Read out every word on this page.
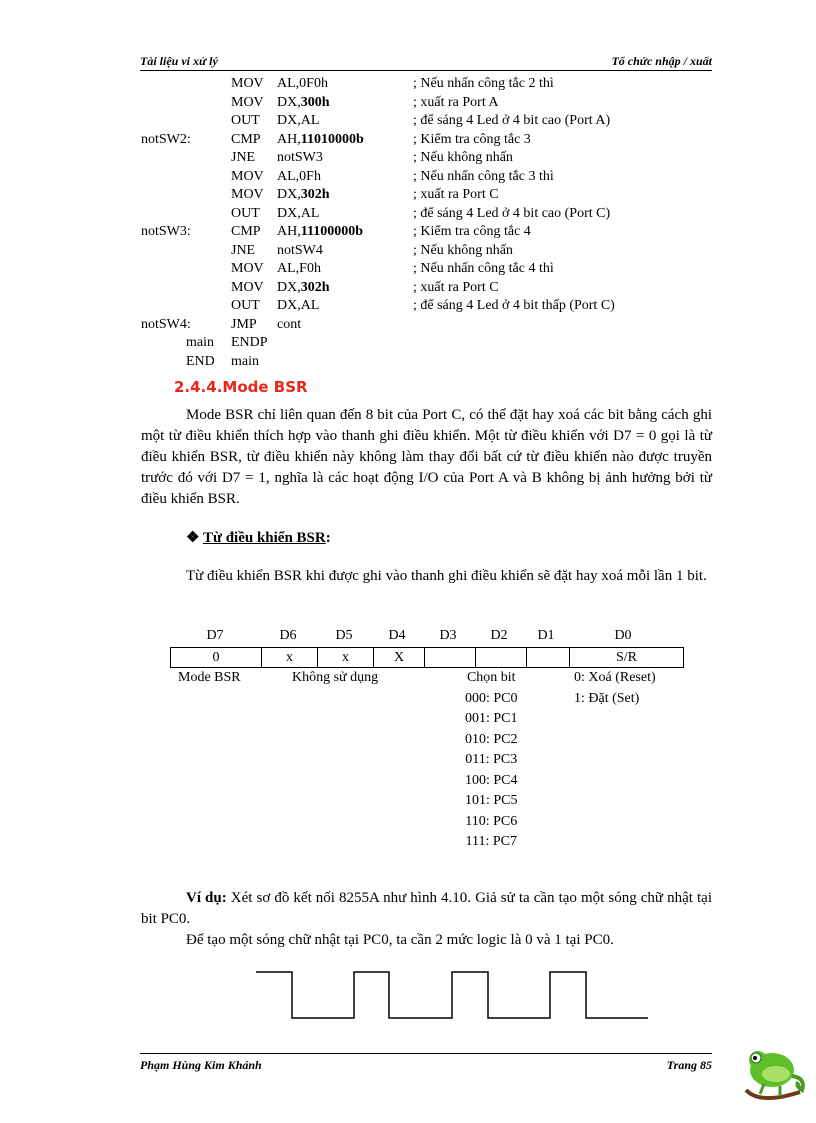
Tài liệu vi xử lý	Tổ chức nhập / xuất
MOV AL,0F0h	; Nếu nhấn công tắc 2 thì
MOV DX,300h	; xuất ra Port A
OUT DX,AL	; để sáng 4 Led ở 4 bit cao (Port A)
notSW2:	CMP AH,11010000b	; Kiểm tra công tắc 3
JNE notSW3	; Nếu không nhấn
MOV AL,0Fh	; Nếu nhấn công tắc 3 thì
MOV DX,302h	; xuất ra Port C
OUT DX,AL	; để sáng 4 Led ở 4 bit cao (Port C)
notSW3:	CMP AH,11100000b	; Kiểm tra công tắc 4
JNE notSW4	; Nếu không nhấn
MOV AL,F0h	; Nếu nhấn công tắc 4 thì
MOV DX,302h	; xuất ra Port C
OUT DX,AL	; để sáng 4 Led ở 4 bit thấp (Port C)
notSW4:	JMP cont
main ENDP
END main
2.4.4.Mode BSR
Mode BSR chỉ liên quan đến 8 bit của Port C, có thể đặt hay xoá các bit bằng cách ghi một từ điều khiển thích hợp vào thanh ghi điều khiển. Một từ điều khiển với D7 = 0 gọi là từ điều khiển BSR, từ điều khiển này không làm thay đổi bất cứ từ điều khiển nào được truyền trước đó với D7 = 1, nghĩa là các hoạt động I/O của Port A và B không bị ảnh hưởng bởi từ điều khiển BSR.
❖ Từ điều khiển BSR:
Từ điều khiển BSR khi được ghi vào thanh ghi điều khiển sẽ đặt hay xoá mỗi lần 1 bit.
D7	D6	D5	D4 D3 D2 D1	D0
0	x	x	X				S/R
Mode BSR	Không sử dụng	Chọn bit
000: PC0
001: PC1
010: PC2
011: PC3
100: PC4
101: PC5
110: PC6
111: PC7
0: Xoá (Reset)
1: Đặt (Set)
Ví dụ: Xét sơ đồ kết nối 8255A như hình 4.10. Giả sử ta cần tạo một sóng chữ nhật tại bit PC0.
Để tạo một sóng chữ nhật tại PC0, ta cần 2 mức logic là 0 và 1 tại PC0.
Phạm Hùng Kim Khánh	Trang 85
